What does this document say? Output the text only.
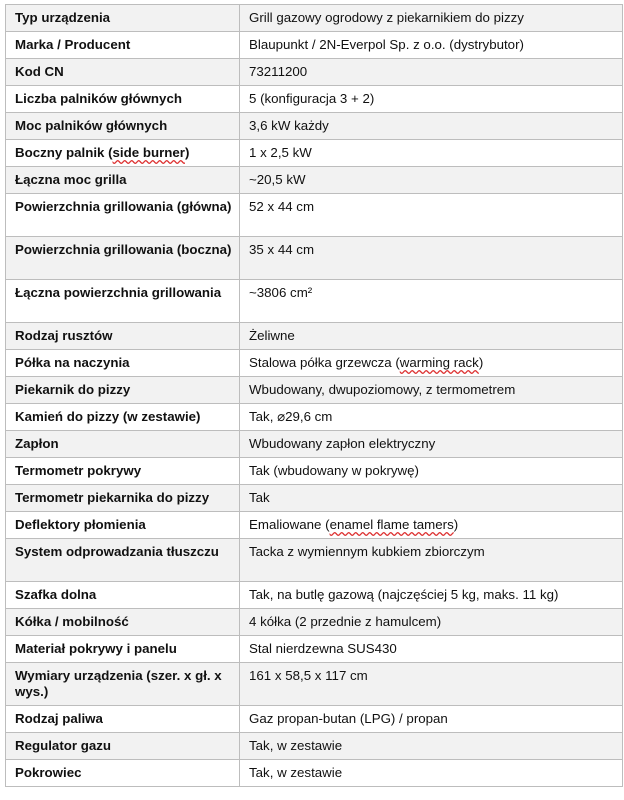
Typ urządzenia	Grill gazowy ogrodowy z piekarnikiem do pizzy
Marka / Producent	Blaupunkt / 2N-Everpol Sp. z o.o. (dystrybutor)
Kod CN	73211200
Liczba palników głównych	5 (konfiguracja 3 + 2)
Moc palników głównych	3,6 kW każdy
Boczny palnik (side burner)	1 x 2,5 kW
Łączna moc grilla	~20,5 kW
Powierzchnia grillowania (główna)	52 x 44 cm
Powierzchnia grillowania (boczna)	35 x 44 cm
Łączna powierzchnia grillowania	~3806 cm²
Rodzaj rusztów	Żeliwne
Półka na naczynia	Stalowa półka grzewcza (warming rack)
Piekarnik do pizzy	Wbudowany, dwupoziomowy, z termometrem
Kamień do pizzy (w zestawie)	Tak, ⌀29,6 cm
Zapłon	Wbudowany zapłon elektryczny
Termometr pokrywy	Tak (wbudowany w pokrywę)
Termometr piekarnika do pizzy	Tak
Deflektory płomienia	Emaliowane (enamel flame tamers)
System odprowadzania tłuszczu	Tacka z wymiennym kubkiem zbiorczym
Szafka dolna	Tak, na butlę gazową (najczęściej 5 kg, maks. 11 kg)
Kółka / mobilność	4 kółka (2 przednie z hamulcem)
Materiał pokrywy i panelu	Stal nierdzewna SUS430
Wymiary urządzenia (szer. x gł. x wys.)	161 x 58,5 x 117 cm
Rodzaj paliwa	Gaz propan-butan (LPG) / propan
Regulator gazu	Tak, w zestawie
Pokrowiec	Tak, w zestawie
